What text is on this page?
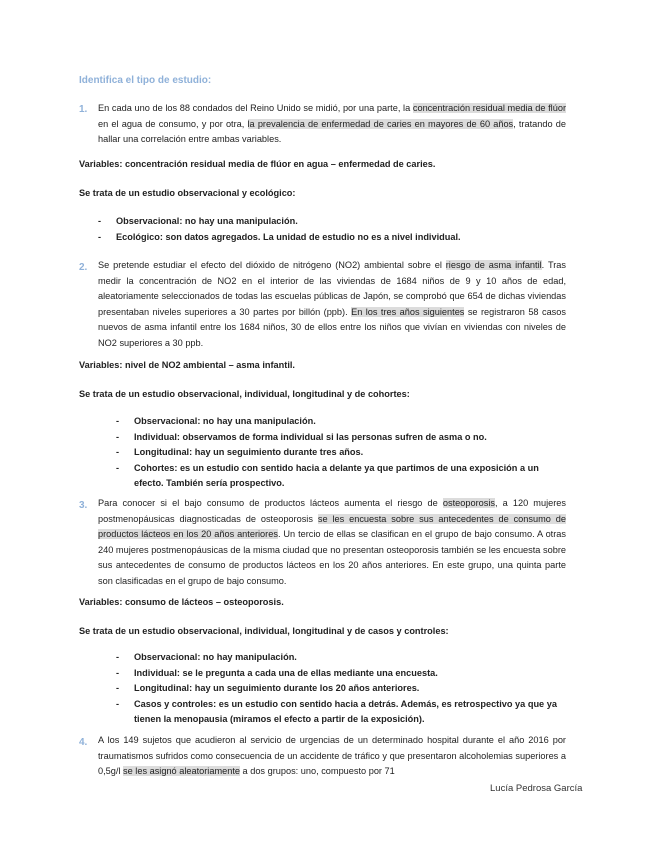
Identifica el tipo de estudio:
1. En cada uno de los 88 condados del Reino Unido se midió, por una parte, la concentración residual media de flúor en el agua de consumo, y por otra, la prevalencia de enfermedad de caries en mayores de 60 años, tratando de hallar una correlación entre ambas variables.
Variables: concentración residual media de flúor en agua – enfermedad de caries.
Se trata de un estudio observacional y ecológico:
- Observacional: no hay una manipulación.
- Ecológico: son datos agregados. La unidad de estudio no es a nivel individual.
2. Se pretende estudiar el efecto del dióxido de nitrógeno (NO2) ambiental sobre el riesgo de asma infantil. Tras medir la concentración de NO2 en el interior de las viviendas de 1684 niños de 9 y 10 años de edad, aleatoriamente seleccionados de todas las escuelas públicas de Japón, se comprobó que 654 de dichas viviendas presentaban niveles superiores a 30 partes por billón (ppb). En los tres años siguientes se registraron 58 casos nuevos de asma infantil entre los 1684 niños, 30 de ellos entre los niños que vivían en viviendas con niveles de NO2 superiores a 30 ppb.
Variables: nivel de NO2 ambiental – asma infantil.
Se trata de un estudio observacional, individual, longitudinal y de cohortes:
- Observacional: no hay una manipulación.
- Individual: observamos de forma individual si las personas sufren de asma o no.
- Longitudinal: hay un seguimiento durante tres años.
- Cohortes: es un estudio con sentido hacia a delante ya que partimos de una exposición a un efecto. También sería prospectivo.
3. Para conocer si el bajo consumo de productos lácteos aumenta el riesgo de osteoporosis, a 120 mujeres postmenopáusicas diagnosticadas de osteoporosis se les encuesta sobre sus antecedentes de consumo de productos lácteos en los 20 años anteriores. Un tercio de ellas se clasifican en el grupo de bajo consumo. A otras 240 mujeres postmenopáusicas de la misma ciudad que no presentan osteoporosis también se les encuesta sobre sus antecedentes de consumo de productos lácteos en los 20 años anteriores. En este grupo, una quinta parte son clasificadas en el grupo de bajo consumo.
Variables: consumo de lácteos – osteoporosis.
Se trata de un estudio observacional, individual, longitudinal y de casos y controles:
- Observacional: no hay manipulación.
- Individual: se le pregunta a cada una de ellas mediante una encuesta.
- Longitudinal: hay un seguimiento durante los 20 años anteriores.
- Casos y controles: es un estudio con sentido hacia a detrás. Además, es retrospectivo ya que ya tienen la menopausia (miramos el efecto a partir de la exposición).
4. A los 149 sujetos que acudieron al servicio de urgencias de un determinado hospital durante el año 2016 por traumatismos sufridos como consecuencia de un accidente de tráfico y que presentaron alcoholemias superiores a 0,5g/l se les asignó aleatoriamente a dos grupos: uno, compuesto por 71
Lucía Pedrosa García
